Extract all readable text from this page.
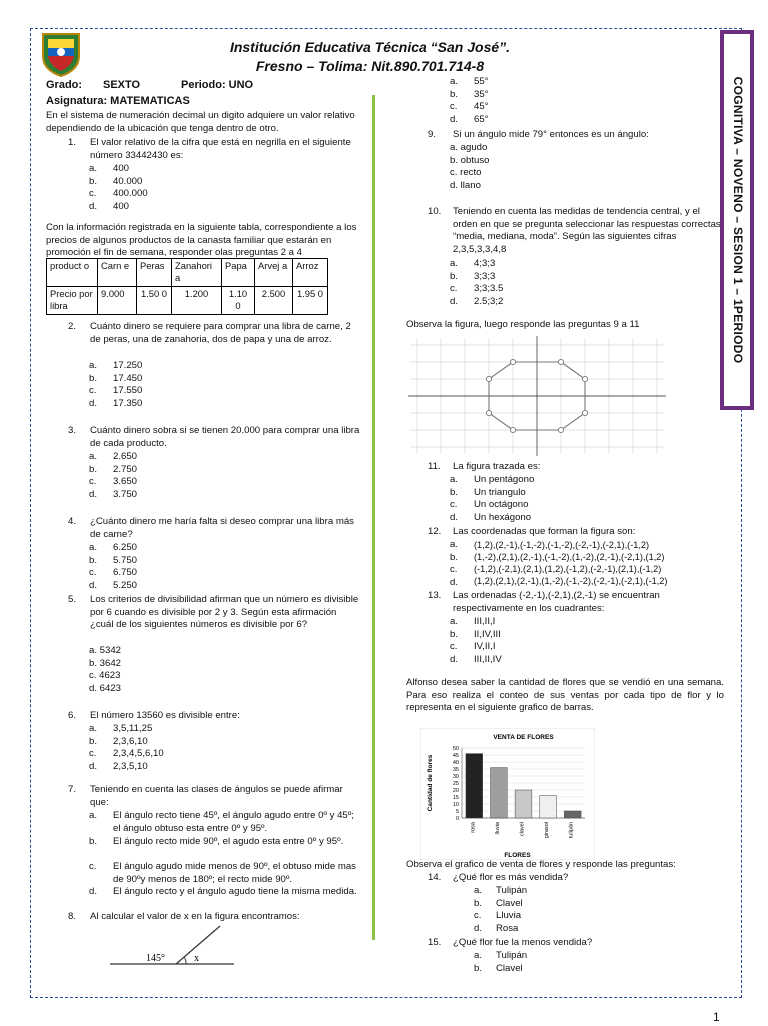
Institución Educativa Técnica “San José”.
Fresno – Tolima: Nit.890.701.714-8
COGNITIVA – NOVENO – SESION 1 – 1PERIODO
Grado: SEXTO	Periodo: UNO
Asignatura: MATEMATICAS
En el sistema de numeración decimal un digito adquiere un valor relativo dependiendo de la ubicación que tenga dentro de otro.
1. El valor relativo de la cifra que está en negrilla en el siguiente número 33442430 es:
a.
b.
c.
d.
400
40.000
400.000
400
Con la información registrada en la siguiente tabla, correspondiente a los precios de algunos productos de la canasta familiar que estarán en promoción el fin de semana, responder olas preguntas 2 a 4
product o	Carn e	Peras	Zanahori a	Papa	Arvej a	Arroz
Precio por libra	9.000	1.50 0	1.200	1.10 0	2.500	1.95 0
2. Cuánto dinero se requiere para comprar una libra de carne, 2 de peras, una de zanahoria, dos de papa y una de arroz.
a.
b.
c.
d.
17.250
17.450
17.550
17.350
3. Cuánto dinero sobra si se tienen 20.000 para comprar una libra de cada producto.
a.
b.
c.
d.
2.650
2.750
3.650
3.750
4. ¿Cuánto dinero me haría falta si deseo comprar una libra más de carne?
a.
b.
c.
d.
6.250
5.750
6.750
5.250
5. Los criterios de divisibilidad afirman que un número es divisible por 6 cuando es divisible por 2 y 3. Según esta afirmación ¿cuál de los siguientes números es divisible por 6?
a. 5342
b. 3642
c. 4623
d. 6423
6. El número 13560 es divisible entre:
a.
b.
c.
d.
3,5,11,25
2,3,6,10
2,3,4,5,6,10
2,3,5,10
7. Teniendo en cuenta las clases de ángulos se puede afirmar que:
a. El ángulo recto tiene 45º, el ángulo agudo entre 0º y 45º; el ángulo obtuso esta entre 0º y 95º.
b. El ángulo recto mide 90º, el agudo esta entre 0º y 95º.
c. El ángulo agudo mide menos de 90º, el obtuso mide mas de 90ºy menos de 180º; el recto mide 90º.
d. El ángulo recto y el ángulo agudo tiene la misma medida.
8. Al calcular el valor de x en la figura encontramos:
145°	x
a.
b.
c.
d.
55°
35°
45°
65°
9. Si un ángulo mide 79° entonces es un ángulo:
a. agudo
b. obtuso
c. recto
d. llano
10. Teniendo en cuenta las medidas de tendencia central, y el orden en que se pregunta seleccionar las respuestas correctas “media, mediana, moda”. Según las siguientes cifras 2,3,5,3,3,4,8
a.
b.
c.
d.
4;3;3
3;3;3
3;3;3.5
2.5;3;2
Observa la figura, luego responde las preguntas 9 a 11
11. La figura trazada es:
a.
b.
c.
d.
Un pentágono
Un triangulo
Un octágono
Un hexágono
12. Las coordenadas que forman la figura son:
a.
b.
c.
d.
(1,2),(2,-1),(-1,-2),(-1,-2),(-2,-1),(-2,1),(-1,2)
(1,-2),(2,1),(2,-1),(-1,-2),(1,-2),(2,-1),(-2,1),(1,2)
(-1,2),(-2,1),(2,1),(1,2),(-1,2),(-2,-1),(2,1),(-1,2)
(1,2),(2,1),(2,-1),(1,-2),(-1,-2),(-2,-1),(-2,1),(-1,2)
13. Las ordenadas (-2,-1),(-2,1),(2,-1) se encuentran respectivamente en los cuadrantes:
a.
b.
c.
d.
III,II,I
II,IV,III
IV,II,I
III,II,IV
Alfonso desea saber la cantidad de flores que se vendió en una semana. Para eso realiza el conteo de sus ventas por cada tipo de flor y lo representa en el siguiente grafico de barras.
VENTA DE FLORES
0
5
10
15
20
25
30
35
40
45
50
Cantidad de flores
rosa	lluvia	clavel	girasol	tulipán
FLORES
Observa el grafico de venta de flores y responde las preguntas:
14. ¿Qué flor es más vendida?
a.
b.
c.
d.
Tulipán
Clavel
Lluvia
Rosa
15. ¿Qué flor fue la menos vendida?
a.
b.
Tulipán
Clavel
1
